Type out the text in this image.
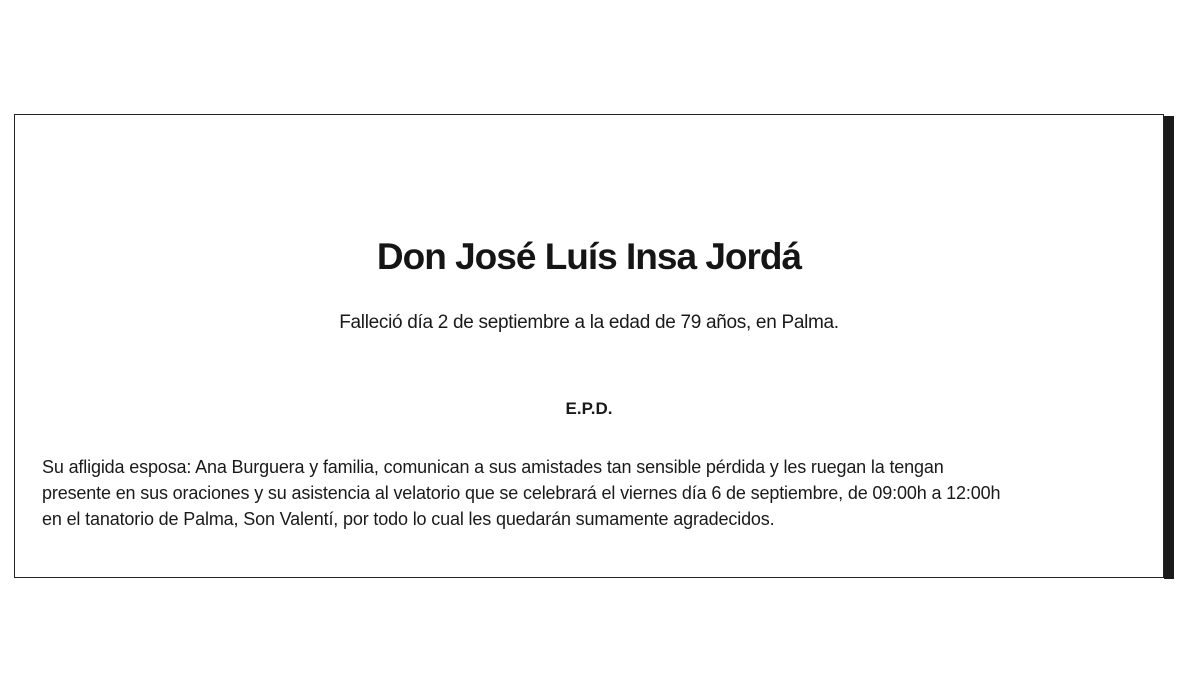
Don José Luís Insa Jordá
Falleció día 2 de septiembre a la edad de 79 años, en Palma.
E.P.D.
Su afligida esposa: Ana Burguera y familia, comunican a sus amistades tan sensible pérdida y les ruegan la tengan
presente en sus oraciones y su asistencia al velatorio que se celebrará el viernes día 6 de septiembre, de 09:00h a 12:00h
en el tanatorio de Palma, Son Valentí, por todo lo cual les quedarán sumamente agradecidos.
